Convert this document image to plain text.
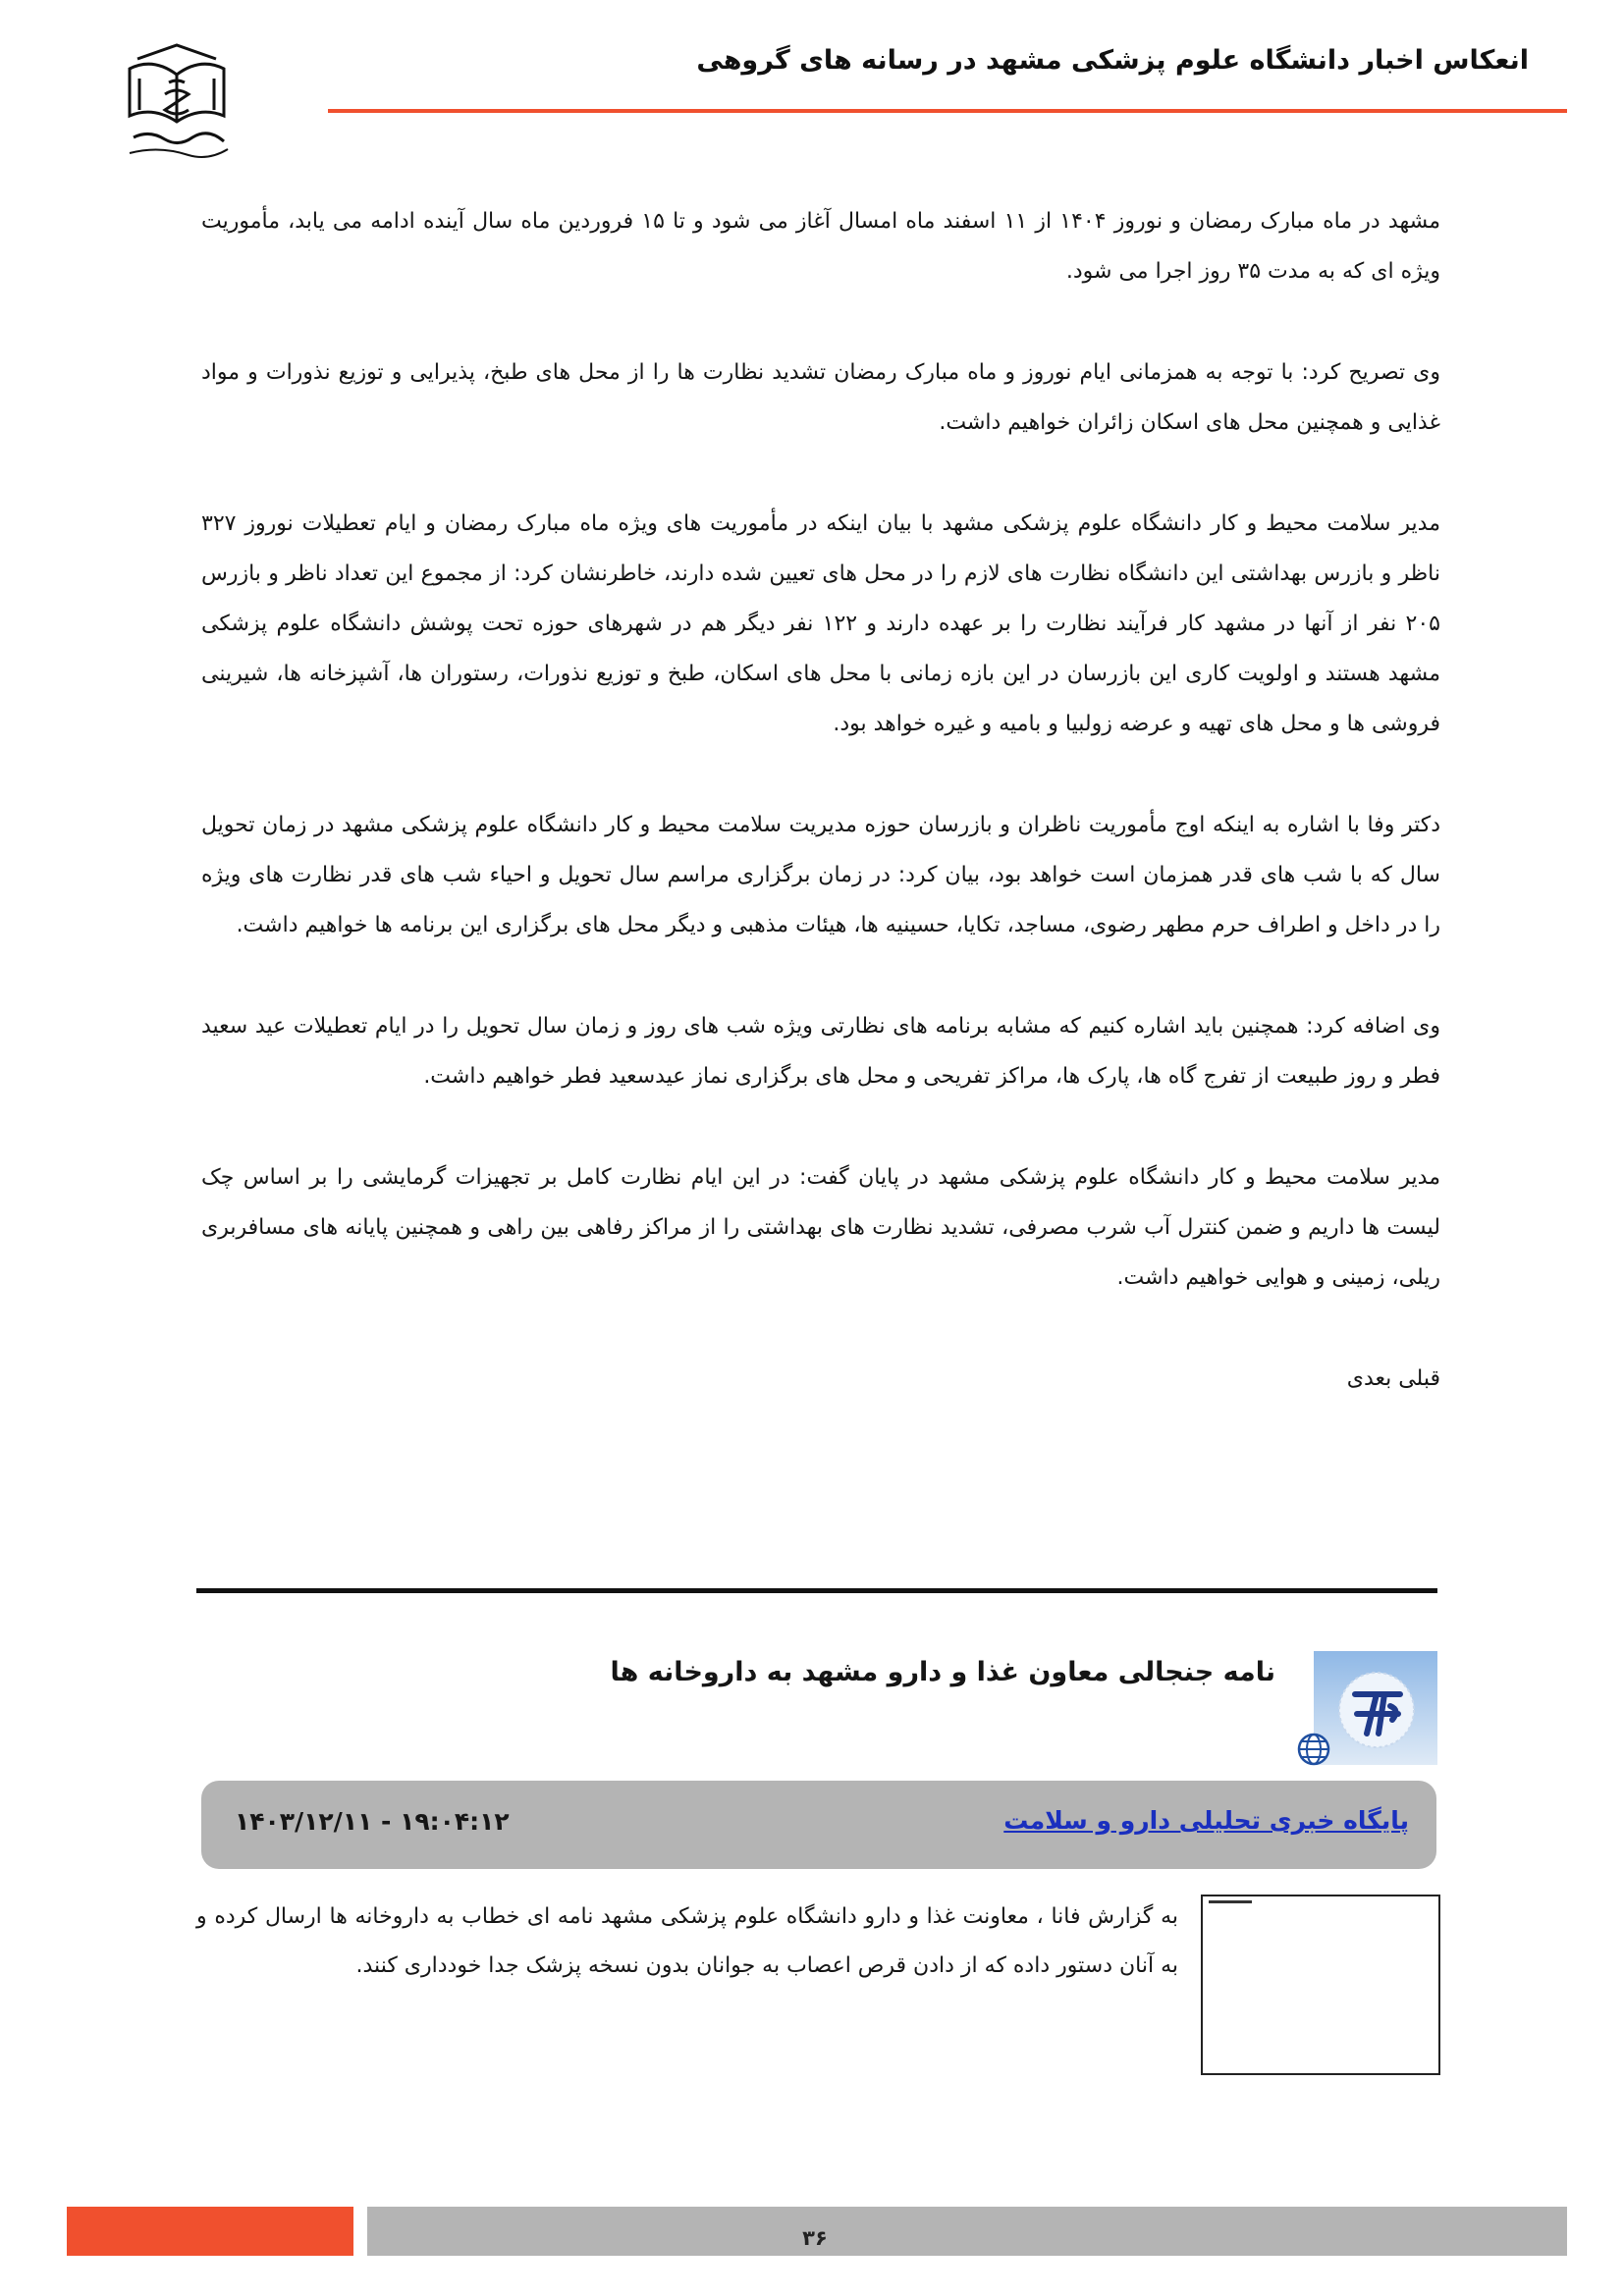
انعکاس اخبار دانشگاه علوم پزشکی مشهد در رسانه های گروهی

مشهد در ماه مبارک رمضان و نوروز ۱۴۰۴ از ۱۱ اسفند ماه امسال آغاز می شود و تا ۱۵ فروردین ماه سال آینده ادامه می یابد، مأموریت ویژه ای که به مدت ۳۵ روز اجرا می شود.

وی تصریح کرد: با توجه به همزمانی ایام نوروز و ماه مبارک رمضان تشدید نظارت ها را از محل های طبخ، پذیرایی و توزیع نذورات و مواد غذایی و همچنین محل های اسکان زائران خواهیم داشت.

مدیر سلامت محیط و کار دانشگاه علوم پزشکی مشهد با بیان اینکه در مأموریت های ویژه ماه مبارک رمضان و ایام تعطیلات نوروز ۳۲۷ ناظر و بازرس بهداشتی این دانشگاه نظارت های لازم را در محل های تعیین شده دارند، خاطرنشان کرد: از مجموع این تعداد ناظر و بازرس ۲۰۵ نفر از آنها در مشهد کار فرآیند نظارت را بر عهده دارند و ۱۲۲ نفر دیگر هم در شهرهای حوزه تحت پوشش دانشگاه علوم پزشکی مشهد هستند و اولویت کاری این بازرسان در این بازه زمانی با محل های اسکان، طبخ و توزیع نذورات، رستوران ها، آشپزخانه ها، شیرینی فروشی ها و محل های تهیه و عرضه زولبیا و بامیه و غیره خواهد بود.

دکتر وفا با اشاره به اینکه اوج مأموریت ناظران و بازرسان حوزه مدیریت سلامت محیط و کار دانشگاه علوم پزشکی مشهد در زمان تحویل سال که با شب های قدر همزمان است خواهد بود، بیان کرد: در زمان برگزاری مراسم سال تحویل و احیاء شب های قدر نظارت های ویژه را در داخل و اطراف حرم مطهر رضوی، مساجد، تکایا، حسینیه ها، هیئات مذهبی و دیگر محل های برگزاری این برنامه ها خواهیم داشت.

وی اضافه کرد: همچنین باید اشاره کنیم که مشابه برنامه های نظارتی ویژه شب های روز و زمان سال تحویل را در ایام تعطیلات عید سعید فطر و روز طبیعت از تفرج گاه ها، پارک ها، مراکز تفریحی و محل های برگزاری نماز عیدسعید فطر خواهیم داشت.

مدیر سلامت محیط و کار دانشگاه علوم پزشکی مشهد در پایان گفت: در این ایام نظارت کامل بر تجهیزات گرمایشی را بر اساس چک لیست ها داریم و ضمن کنترل آب شرب مصرفی، تشدید نظارت های بهداشتی را از مراکز رفاهی بین راهی و همچنین پایانه های مسافربری ریلی، زمینی و هوایی خواهیم داشت.

قبلی بعدی

نامه جنجالی معاون غذا و دارو مشهد به داروخانه ها
پایگاه خبری تحلیلی دارو و سلامت
۱۴۰۳/۱۲/۱۱ - ۱۹:۰۴:۱۲
به گزارش فانا ، معاونت غذا و دارو دانشگاه علوم پزشکی مشهد نامه ای خطاب به داروخانه ها ارسال کرده و به آنان دستور داده که از دادن قرص اعصاب به جوانان بدون نسخه پزشک جدا خودداری کنند.
۳۶
